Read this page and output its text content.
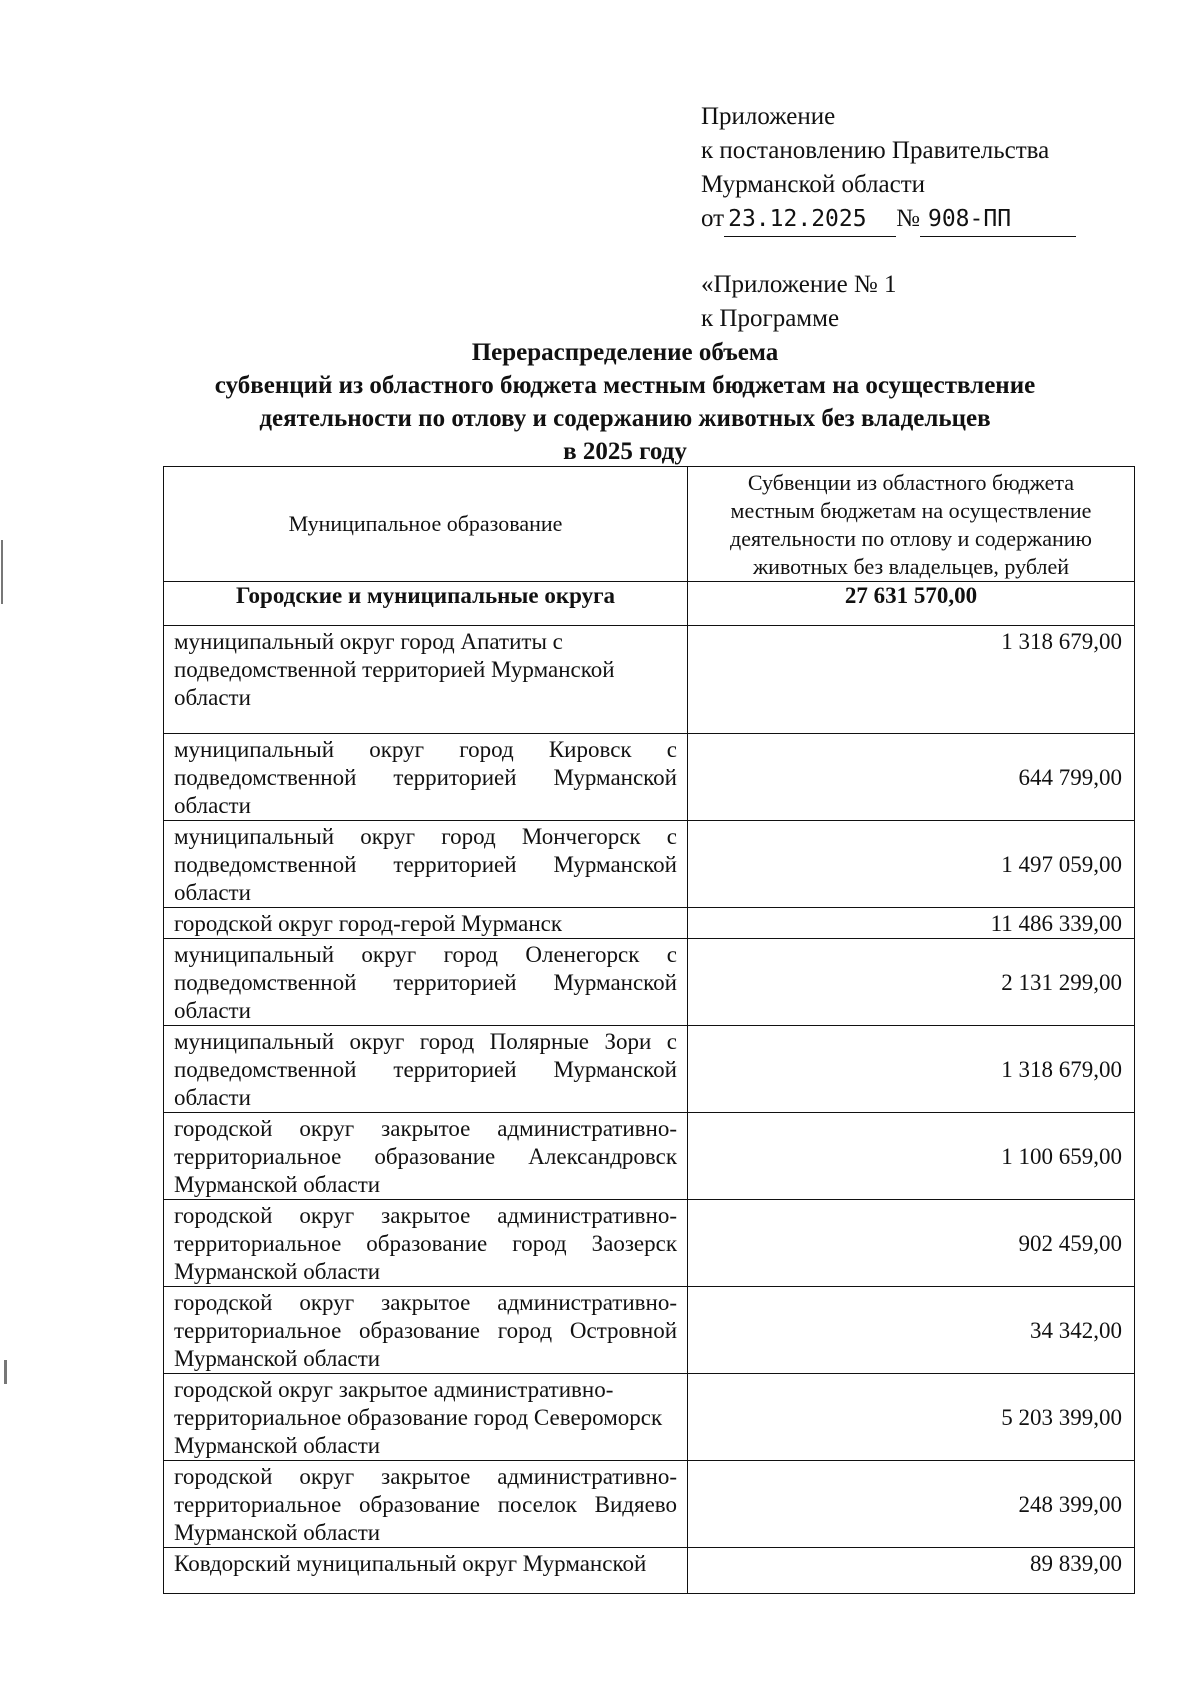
Приложение
к постановлению Правительства
Мурманской области
от 23.12.2025	№ 908-ПП
«Приложение № 1
к Программе
Перераспределение объема
субвенций из областного бюджета местным бюджетам на осуществление
деятельности по отлову и содержанию животных без владельцев
в 2025 году
Муниципальное образование	Субвенции из областного бюджета
местным бюджетам на осуществление
деятельности по отлову и содержанию
животных без владельцев, рублей

Городские и муниципальные округа	27 631 570,00
муниципальный округ город Апатиты с подведомственной территорией Мурманской области	1 318 679,00
муниципальный округ город Кировск с подведомственной территорией Мурманской области	644 799,00
муниципальный округ город Мончегорск с подведомственной территорией Мурманской области	1 497 059,00
городской округ город-герой Мурманск	11 486 339,00
муниципальный округ город Оленегорск с подведомственной территорией Мурманской области	2 131 299,00
муниципальный округ город Полярные Зори с подведомственной территорией Мурманской области	1 318 679,00
городской округ закрытое административно-территориальное образование Александровск Мурманской области	1 100 659,00
городской округ закрытое административно-территориальное образование город Заозерск Мурманской области	902 459,00
городской округ закрытое административно-территориальное образование город Островной Мурманской области	34 342,00
городской округ закрытое административно-территориальное образование город Североморск Мурманской области	5 203 399,00
городской округ закрытое административно-территориальное образование поселок Видяево Мурманской области	248 399,00
Ковдорский муниципальный округ Мурманской	89 839,00
